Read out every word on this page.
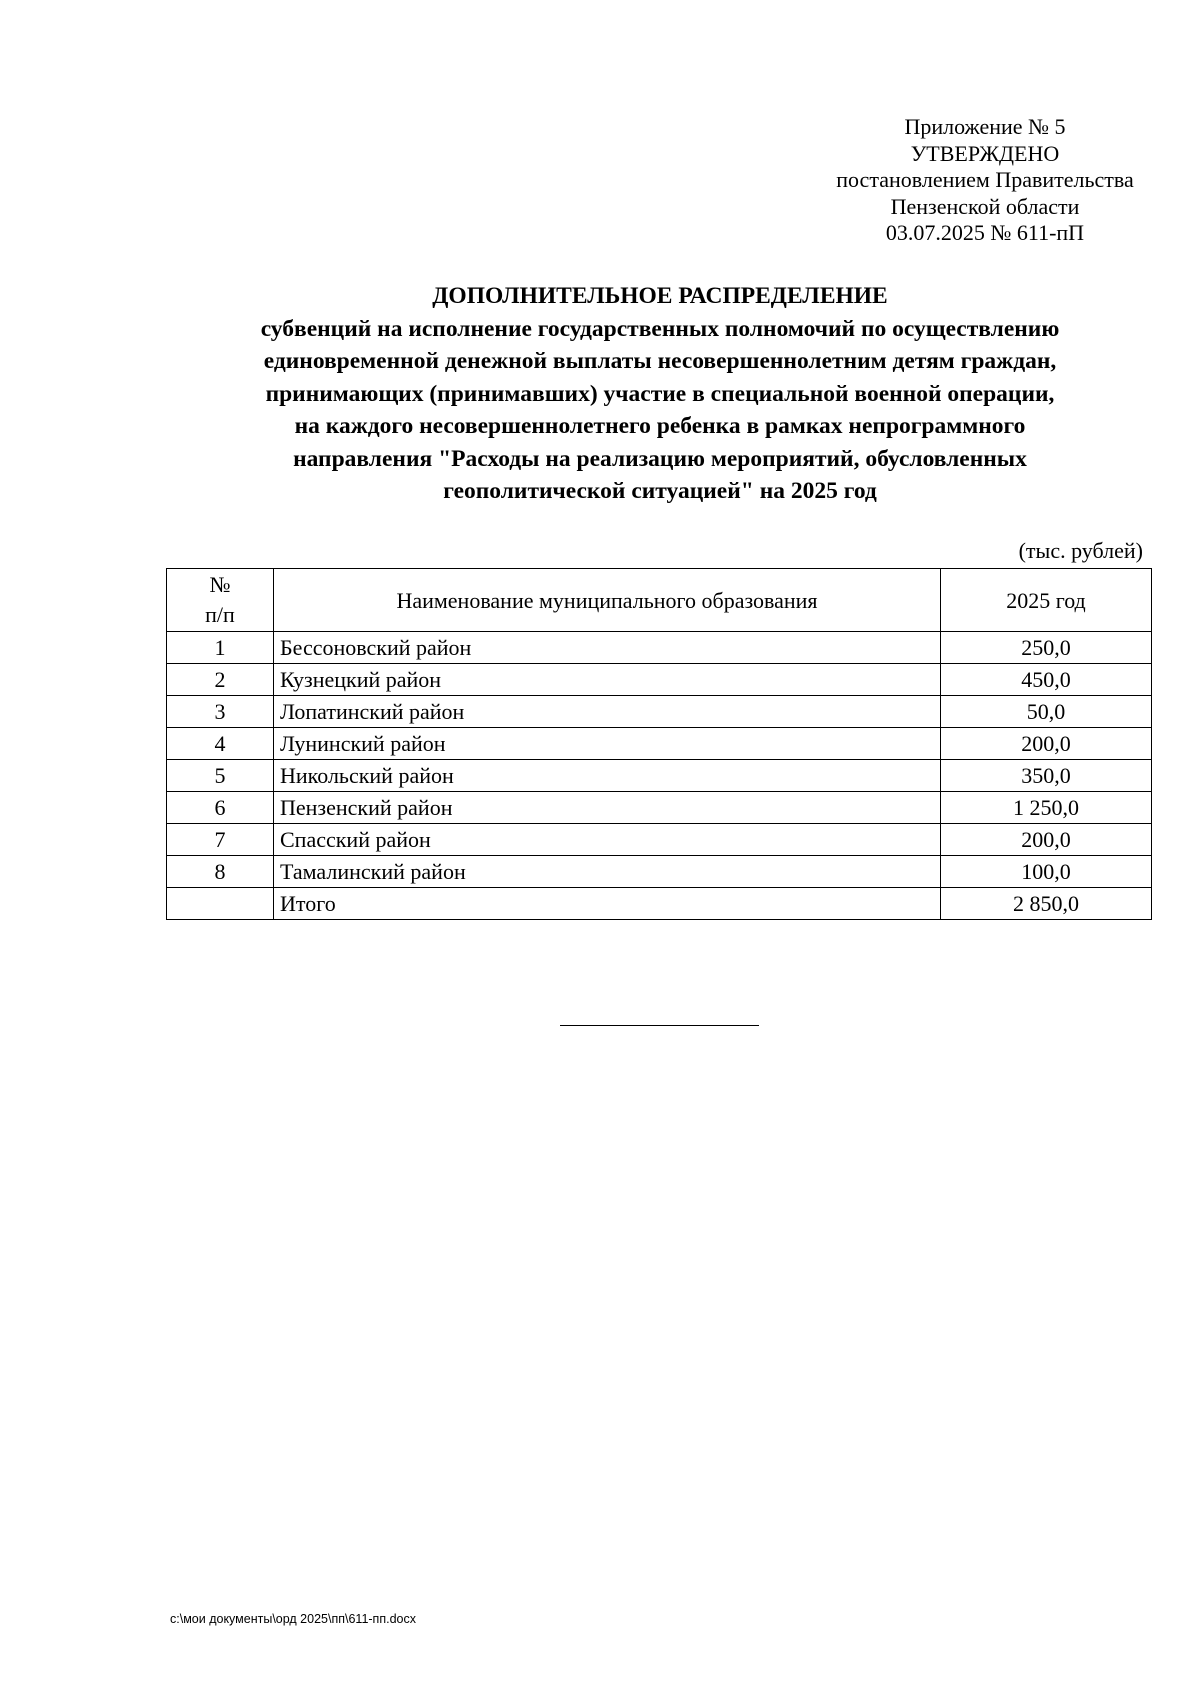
Приложение № 5
УТВЕРЖДЕНО
постановлением Правительства
Пензенской области
03.07.2025 № 611-пП
ДОПОЛНИТЕЛЬНОЕ РАСПРЕДЕЛЕНИЕ
субвенций на исполнение государственных полномочий по осуществлению
единовременной денежной выплаты несовершеннолетним детям граждан,
принимающих (принимавших) участие в специальной военной операции,
на каждого несовершеннолетнего ребенка в рамках непрограммного
направления "Расходы на реализацию мероприятий, обусловленных
геополитической ситуацией" на 2025 год
(тыс. рублей)
№
п/п	Наименование муниципального образования	2025 год
1	Бессоновский район	250,0
2	Кузнецкий район	450,0
3	Лопатинский район	50,0
4	Лунинский район	200,0
5	Никольский район	350,0
6	Пензенский район	1 250,0
7	Спасский район	200,0
8	Тамалинский район	100,0
	Итого	2 850,0
c:\мои документы\орд 2025\пп\611-пп.docx
